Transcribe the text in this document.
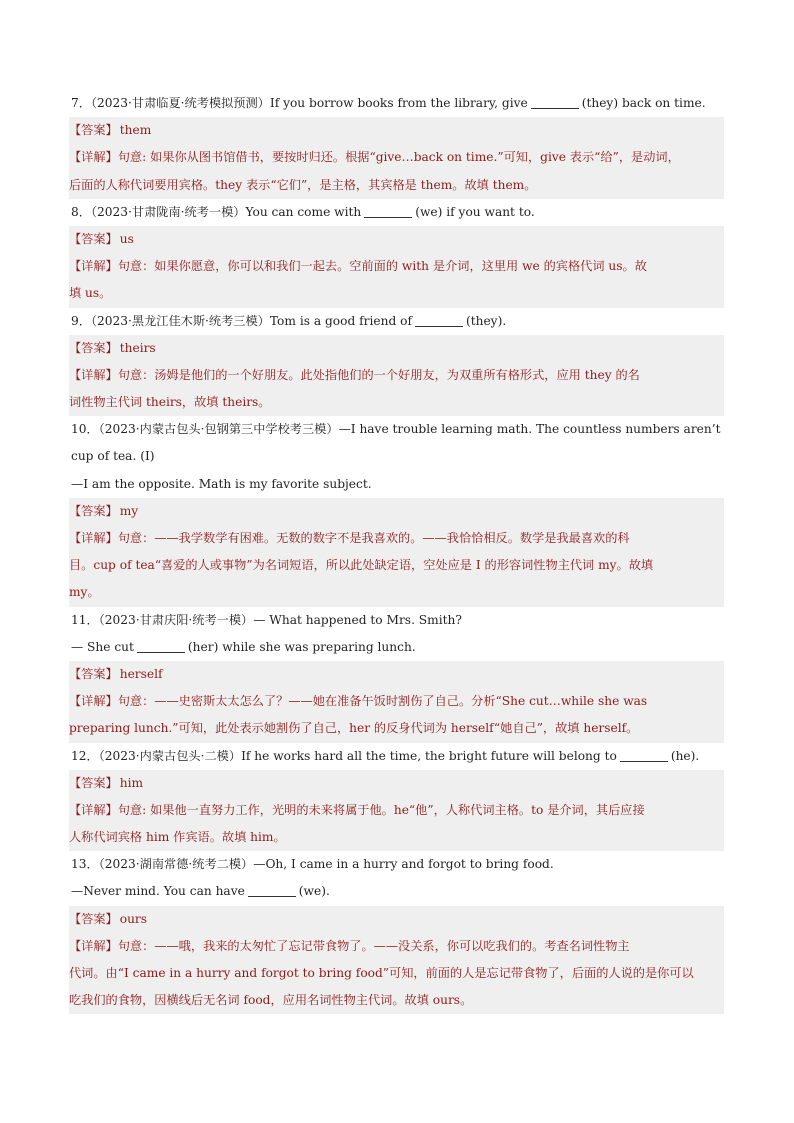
7．（2023·甘肃临夏·统考模拟预测）If you borrow books from the library, give	(they) back on time.
【答案】 them
【详解】句意: 如果你从图书馆借书，要按时归还。根据“give…back on time.”可知，give 表示“给”，是动词，
后面的人称代词要用宾格。they 表示“它们”，是主格，其宾格是 them。故填 them。
8．（2023·甘肃陇南·统考一模）You can come with	(we) if you want to.
【答案】 us
【详解】句意：如果你愿意，你可以和我们一起去。空前面的 with 是介词，这里用 we 的宾格代词 us。故
填 us。
9．（2023·黑龙江佳木斯·统考三模）Tom is a good friend of	(they).
【答案】 theirs
【详解】句意：汤姆是他们的一个好朋友。此处指他们的一个好朋友，为双重所有格形式，应用 they 的名
词性物主代词 theirs，故填 theirs。
10．（2023·内蒙古包头·包钢第三中学校考三模）—I have trouble learning math. The countless numbers aren’t
cup of tea. (I)
—I am the opposite. Math is my favorite subject.
【答案】 my
【详解】句意：——我学数学有困难。无数的数字不是我喜欢的。——我恰恰相反。数学是我最喜欢的科
目。cup of tea“喜爱的人或事物”为名词短语，所以此处缺定语，空处应是 I 的形容词性物主代词 my。故填
my。
11．（2023·甘肃庆阳·统考一模）— What happened to Mrs. Smith?
— She cut	(her) while she was preparing lunch.
【答案】 herself
【详解】句意：——史密斯太太怎么了？——她在准备午饭时割伤了自己。分析“She cut…while she was
preparing lunch.”可知，此处表示她割伤了自己，her 的反身代词为 herself“她自己”，故填 herself。
12．（2023·内蒙古包头·二模）If he works hard all the time, the bright future will belong to	(he).
【答案】 him
【详解】句意: 如果他一直努力工作，光明的未来将属于他。he“他”，人称代词主格。to 是介词，其后应接
人称代词宾格 him 作宾语。故填 him。
13．（2023·湖南常德·统考二模）—Oh, I came in a hurry and forgot to bring food.
—Never mind. You can have	(we).
【答案】 ours
【详解】句意：——哦，我来的太匆忙了忘记带食物了。——没关系，你可以吃我们的。考查名词性物主
代词。由“I came in a hurry and forgot to bring food”可知，前面的人是忘记带食物了，后面的人说的是你可以
吃我们的食物，因横线后无名词 food，应用名词性物主代词。故填 ours。
